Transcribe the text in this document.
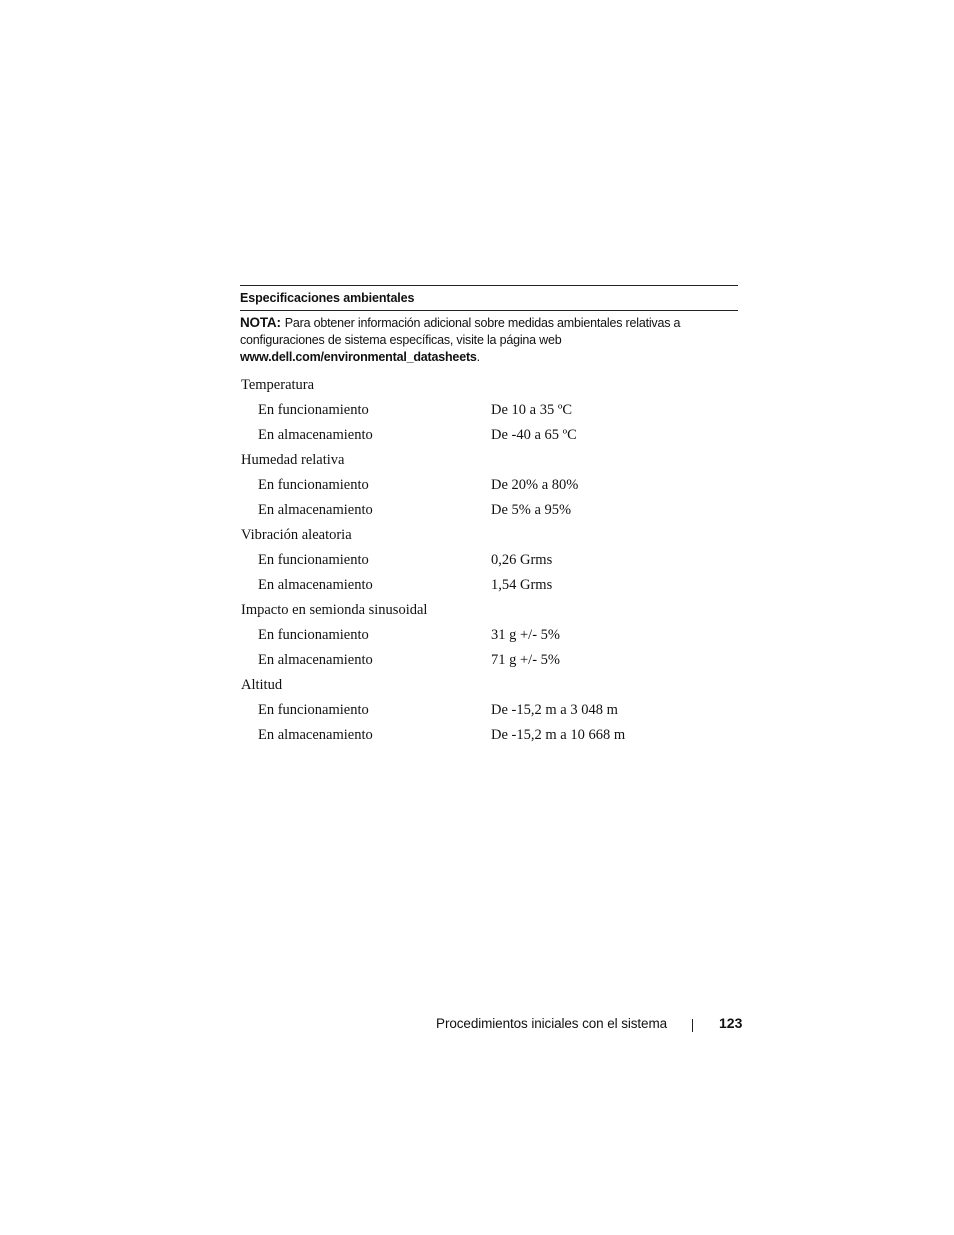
Especificaciones ambientales
NOTA: Para obtener información adicional sobre medidas ambientales relativas a configuraciones de sistema específicas, visite la página web
www.dell.com/environmental_datasheets.
Temperatura
En funcionamiento	De 10 a 35 ºC
En almacenamiento	De -40 a 65 ºC
Humedad relativa
En funcionamiento	De 20% a 80%
En almacenamiento	De 5% a 95%
Vibración aleatoria
En funcionamiento	0,26 Grms
En almacenamiento	1,54 Grms
Impacto en semionda sinusoidal
En funcionamiento	31 g +/- 5%
En almacenamiento	71 g +/- 5%
Altitud
En funcionamiento	De -15,2 m a 3 048 m
En almacenamiento	De -15,2 m a 10 668 m
Procedimientos iniciales con el sistema	123
